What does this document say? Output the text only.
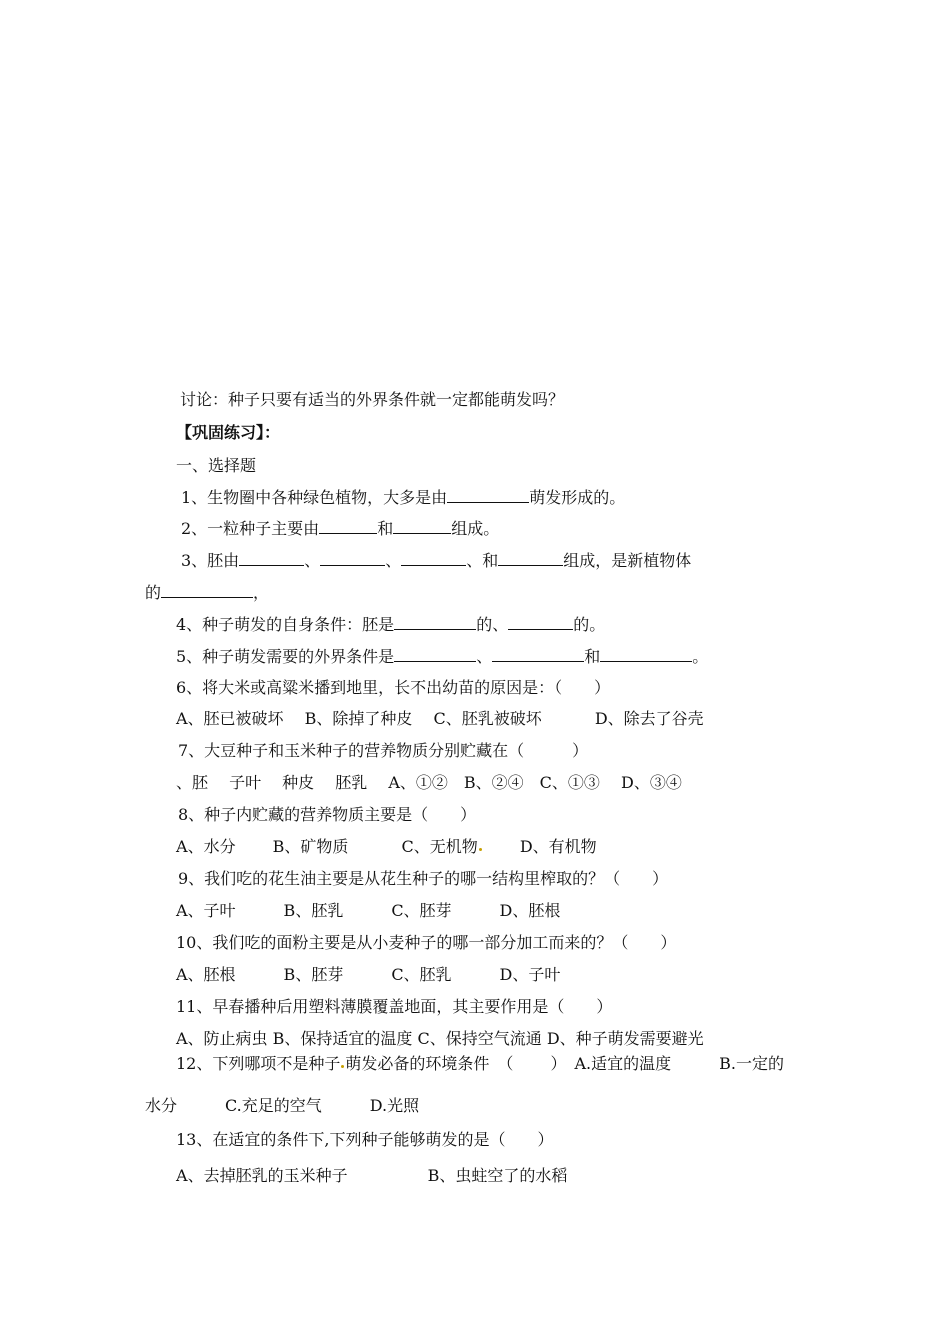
讨论：种子只要有适当的外界条件就一定都能萌发吗？
【巩固练习】：
一、选择题
1、生物圈中各种绿色植物，大多是由	萌发形成的。
2、一粒种子主要由	和	组成。
3、胚由	、	、	、和	组成，是新植物体
的	，
4、种子萌发的自身条件：胚是	的、	的。
5、种子萌发需要的外界条件是	、	和	。
6、将大米或高粱米播到地里，长不出幼苗的原因是：（　　）
A、胚已被破坏　 B、除掉了种皮　 C、胚乳被破坏　　　 D、除去了谷壳
7、大豆种子和玉米种子的营养物质分别贮藏在（　　　）
、胚　 子叶　 种皮　 胚乳　 A、①②　B、②④　C、①③　 D、③④
8、种子内贮藏的营养物质主要是（　　）
A、水分　　 B、矿物质　　　 C、无机物　　 D、有机物
9、我们吃的花生油主要是从花生种子的哪一结构里榨取的？（　　）
A、子叶　　　B、胚乳　　　C、胚芽　　　D、胚根
10、我们吃的面粉主要是从小麦种子的哪一部分加工而来的？（　　）
A、胚根　　　B、胚芽　　　C、胚乳　　　D、子叶
11、早春播种后用塑料薄膜覆盖地面，其主要作用是（　　）
A、防止病虫 B、保持适宜的温度 C、保持空气流通 D、种子萌发需要避光
12、下列哪项不是种子 萌发必备的环境条件　（　　 ）　A.适宜的温度　　　B.一定的
水分　　　C.充足的空气　　　D.光照
13、在适宜的条件下,下列种子能够萌发的是（　　）
A、去掉胚乳的玉米种子　　　　　B、虫蛀空了的水稻
